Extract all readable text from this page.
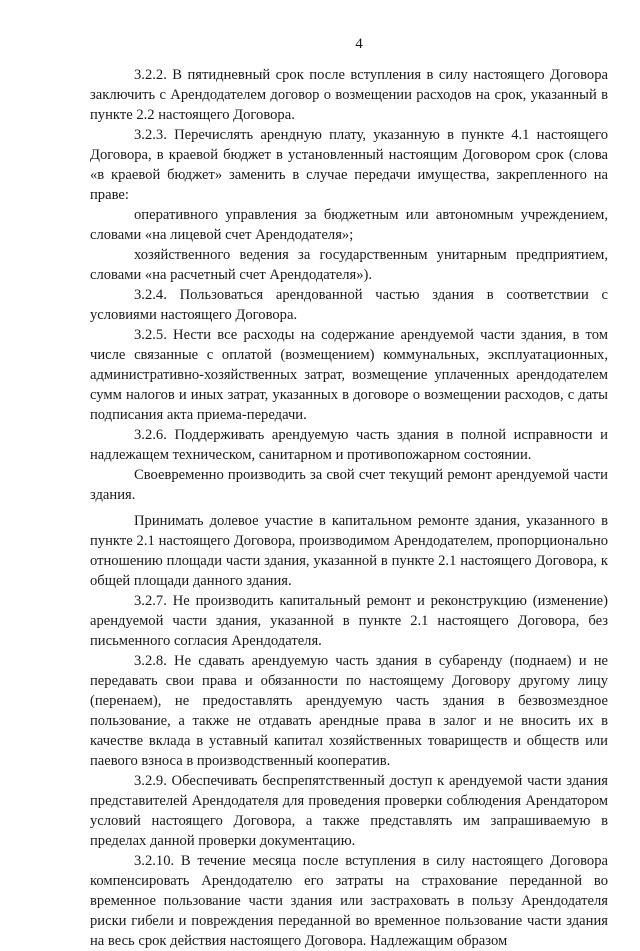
4

3.2.2. В пятидневный срок после вступления в силу настоящего Договора заключить с Арендодателем договор о возмещении расходов на срок, указанный в пункте 2.2 настоящего Договора.

3.2.3. Перечислять арендную плату, указанную в пункте 4.1 настоящего Договора, в краевой бюджет в установленный настоящим Договором срок (слова «в краевой бюджет» заменить в случае передачи имущества, закрепленного на праве:

оперативного управления за бюджетным или автономным учреждением, словами «на лицевой счет Арендодателя»;

хозяйственного ведения за государственным унитарным предприятием, словами «на расчетный счет Арендодателя»).

3.2.4. Пользоваться арендованной частью здания в соответствии с условиями настоящего Договора.

3.2.5. Нести все расходы на содержание арендуемой части здания, в том числе связанные с оплатой (возмещением) коммунальных, эксплуатационных, административно-хозяйственных затрат, возмещение уплаченных арендодателем сумм налогов и иных затрат, указанных в договоре о возмещении расходов, с даты подписания акта приема-передачи.

3.2.6. Поддерживать арендуемую часть здания в полной исправности и надлежащем техническом, санитарном и противопожарном состоянии.

Своевременно производить за свой счет текущий ремонт арендуемой части здания.

Принимать долевое участие в капитальном ремонте здания, указанного в пункте 2.1 настоящего Договора, производимом Арендодателем, пропорционально отношению площади части здания, указанной в пункте 2.1 настоящего Договора, к общей площади данного здания.

3.2.7. Не производить капитальный ремонт и реконструкцию (изменение) арендуемой части здания, указанной в пункте 2.1 настоящего Договора, без письменного согласия Арендодателя.

3.2.8. Не сдавать арендуемую часть здания в субаренду (поднаем) и не передавать свои права и обязанности по настоящему Договору другому лицу (перенаем), не предоставлять арендуемую часть здания в безвозмездное пользование, а также не отдавать арендные права в залог и не вносить их в качестве вклада в уставный капитал хозяйственных товариществ и обществ или паевого взноса в производственный кооператив.

3.2.9. Обеспечивать беспрепятственный доступ к арендуемой части здания представителей Арендодателя для проведения проверки соблюдения Арендатором условий настоящего Договора, а также представлять им запрашиваемую в пределах данной проверки документацию.

3.2.10. В течение месяца после вступления в силу настоящего Договора компенсировать Арендодателю его затраты на страхование переданной во временное пользование части здания или застраховать в пользу Арендодателя риски гибели и повреждения переданной во временное пользование части здания на весь срок действия настоящего Договора. Надлежащим образом
